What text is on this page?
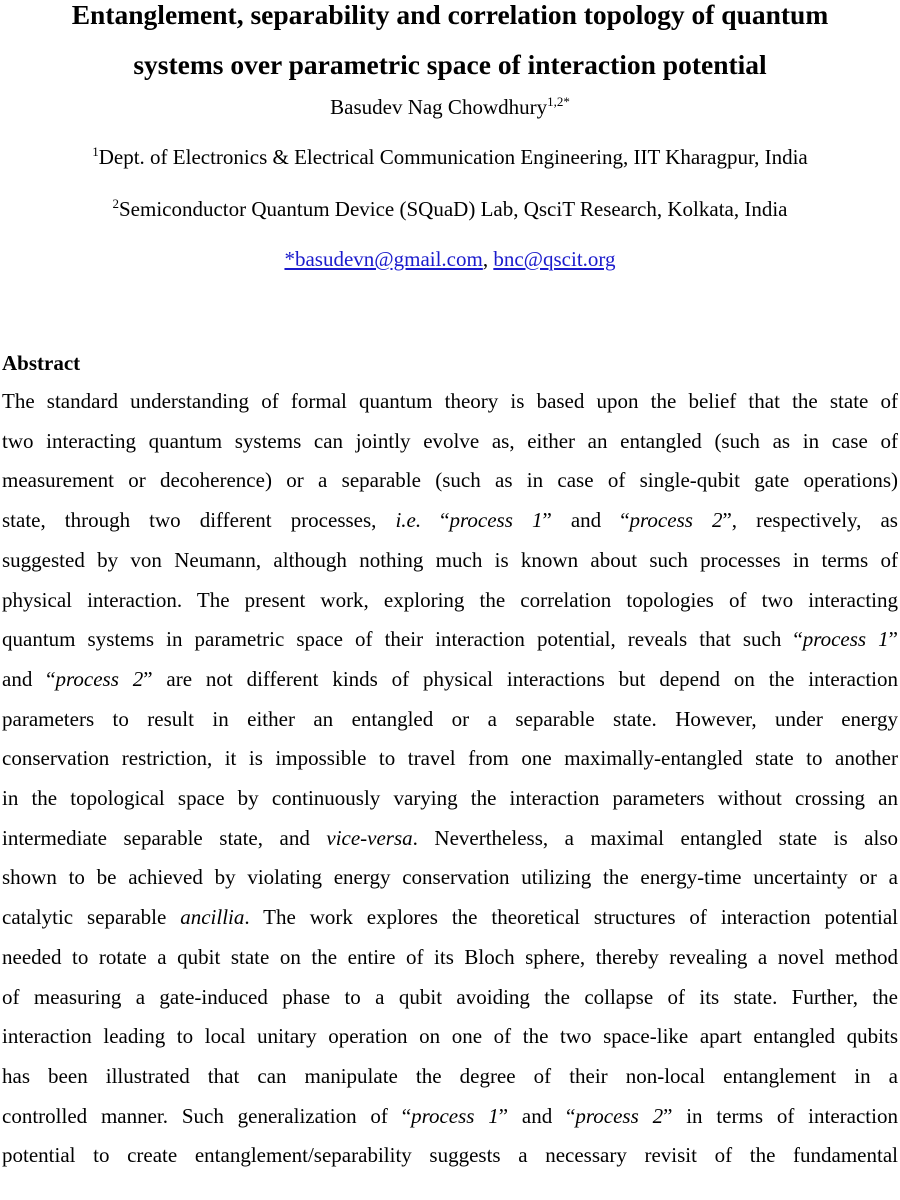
Entanglement, separability and correlation topology of quantum
systems over parametric space of interaction potential
Basudev Nag Chowdhury$^{1,2*}$
$^1$Dept. of Electronics & Electrical Communication Engineering, IIT Kharagpur, India
$^2$Semiconductor Quantum Device (SQuaD) Lab, QsciT Research, Kolkata, India
*basudevn@gmail.com, bnc@qscit.org
Abstract
The standard understanding of formal quantum theory is based upon the belief that the state of
two interacting quantum systems can jointly evolve as, either an entangled (such as in case of
measurement or decoherence) or a separable (such as in case of single-qubit gate operations)
state, through two different processes, i.e. “process 1” and “process 2”, respectively, as
suggested by von Neumann, although nothing much is known about such processes in terms of
physical interaction. The present work, exploring the correlation topologies of two interacting
quantum systems in parametric space of their interaction potential, reveals that such “process 1”
and “process 2” are not different kinds of physical interactions but depend on the interaction
parameters to result in either an entangled or a separable state. However, under energy
conservation restriction, it is impossible to travel from one maximally-entangled state to another
in the topological space by continuously varying the interaction parameters without crossing an
intermediate separable state, and vice-versa. Nevertheless, a maximal entangled state is also
shown to be achieved by violating energy conservation utilizing the energy-time uncertainty or a
catalytic separable ancillia. The work explores the theoretical structures of interaction potential
needed to rotate a qubit state on the entire of its Bloch sphere, thereby revealing a novel method
of measuring a gate-induced phase to a qubit avoiding the collapse of its state. Further, the
interaction leading to local unitary operation on one of the two space-like apart entangled qubits
has been illustrated that can manipulate the degree of their non-local entanglement in a
controlled manner. Such generalization of “process 1” and “process 2” in terms of interaction
potential to create entanglement/separability suggests a necessary revisit of the fundamental
